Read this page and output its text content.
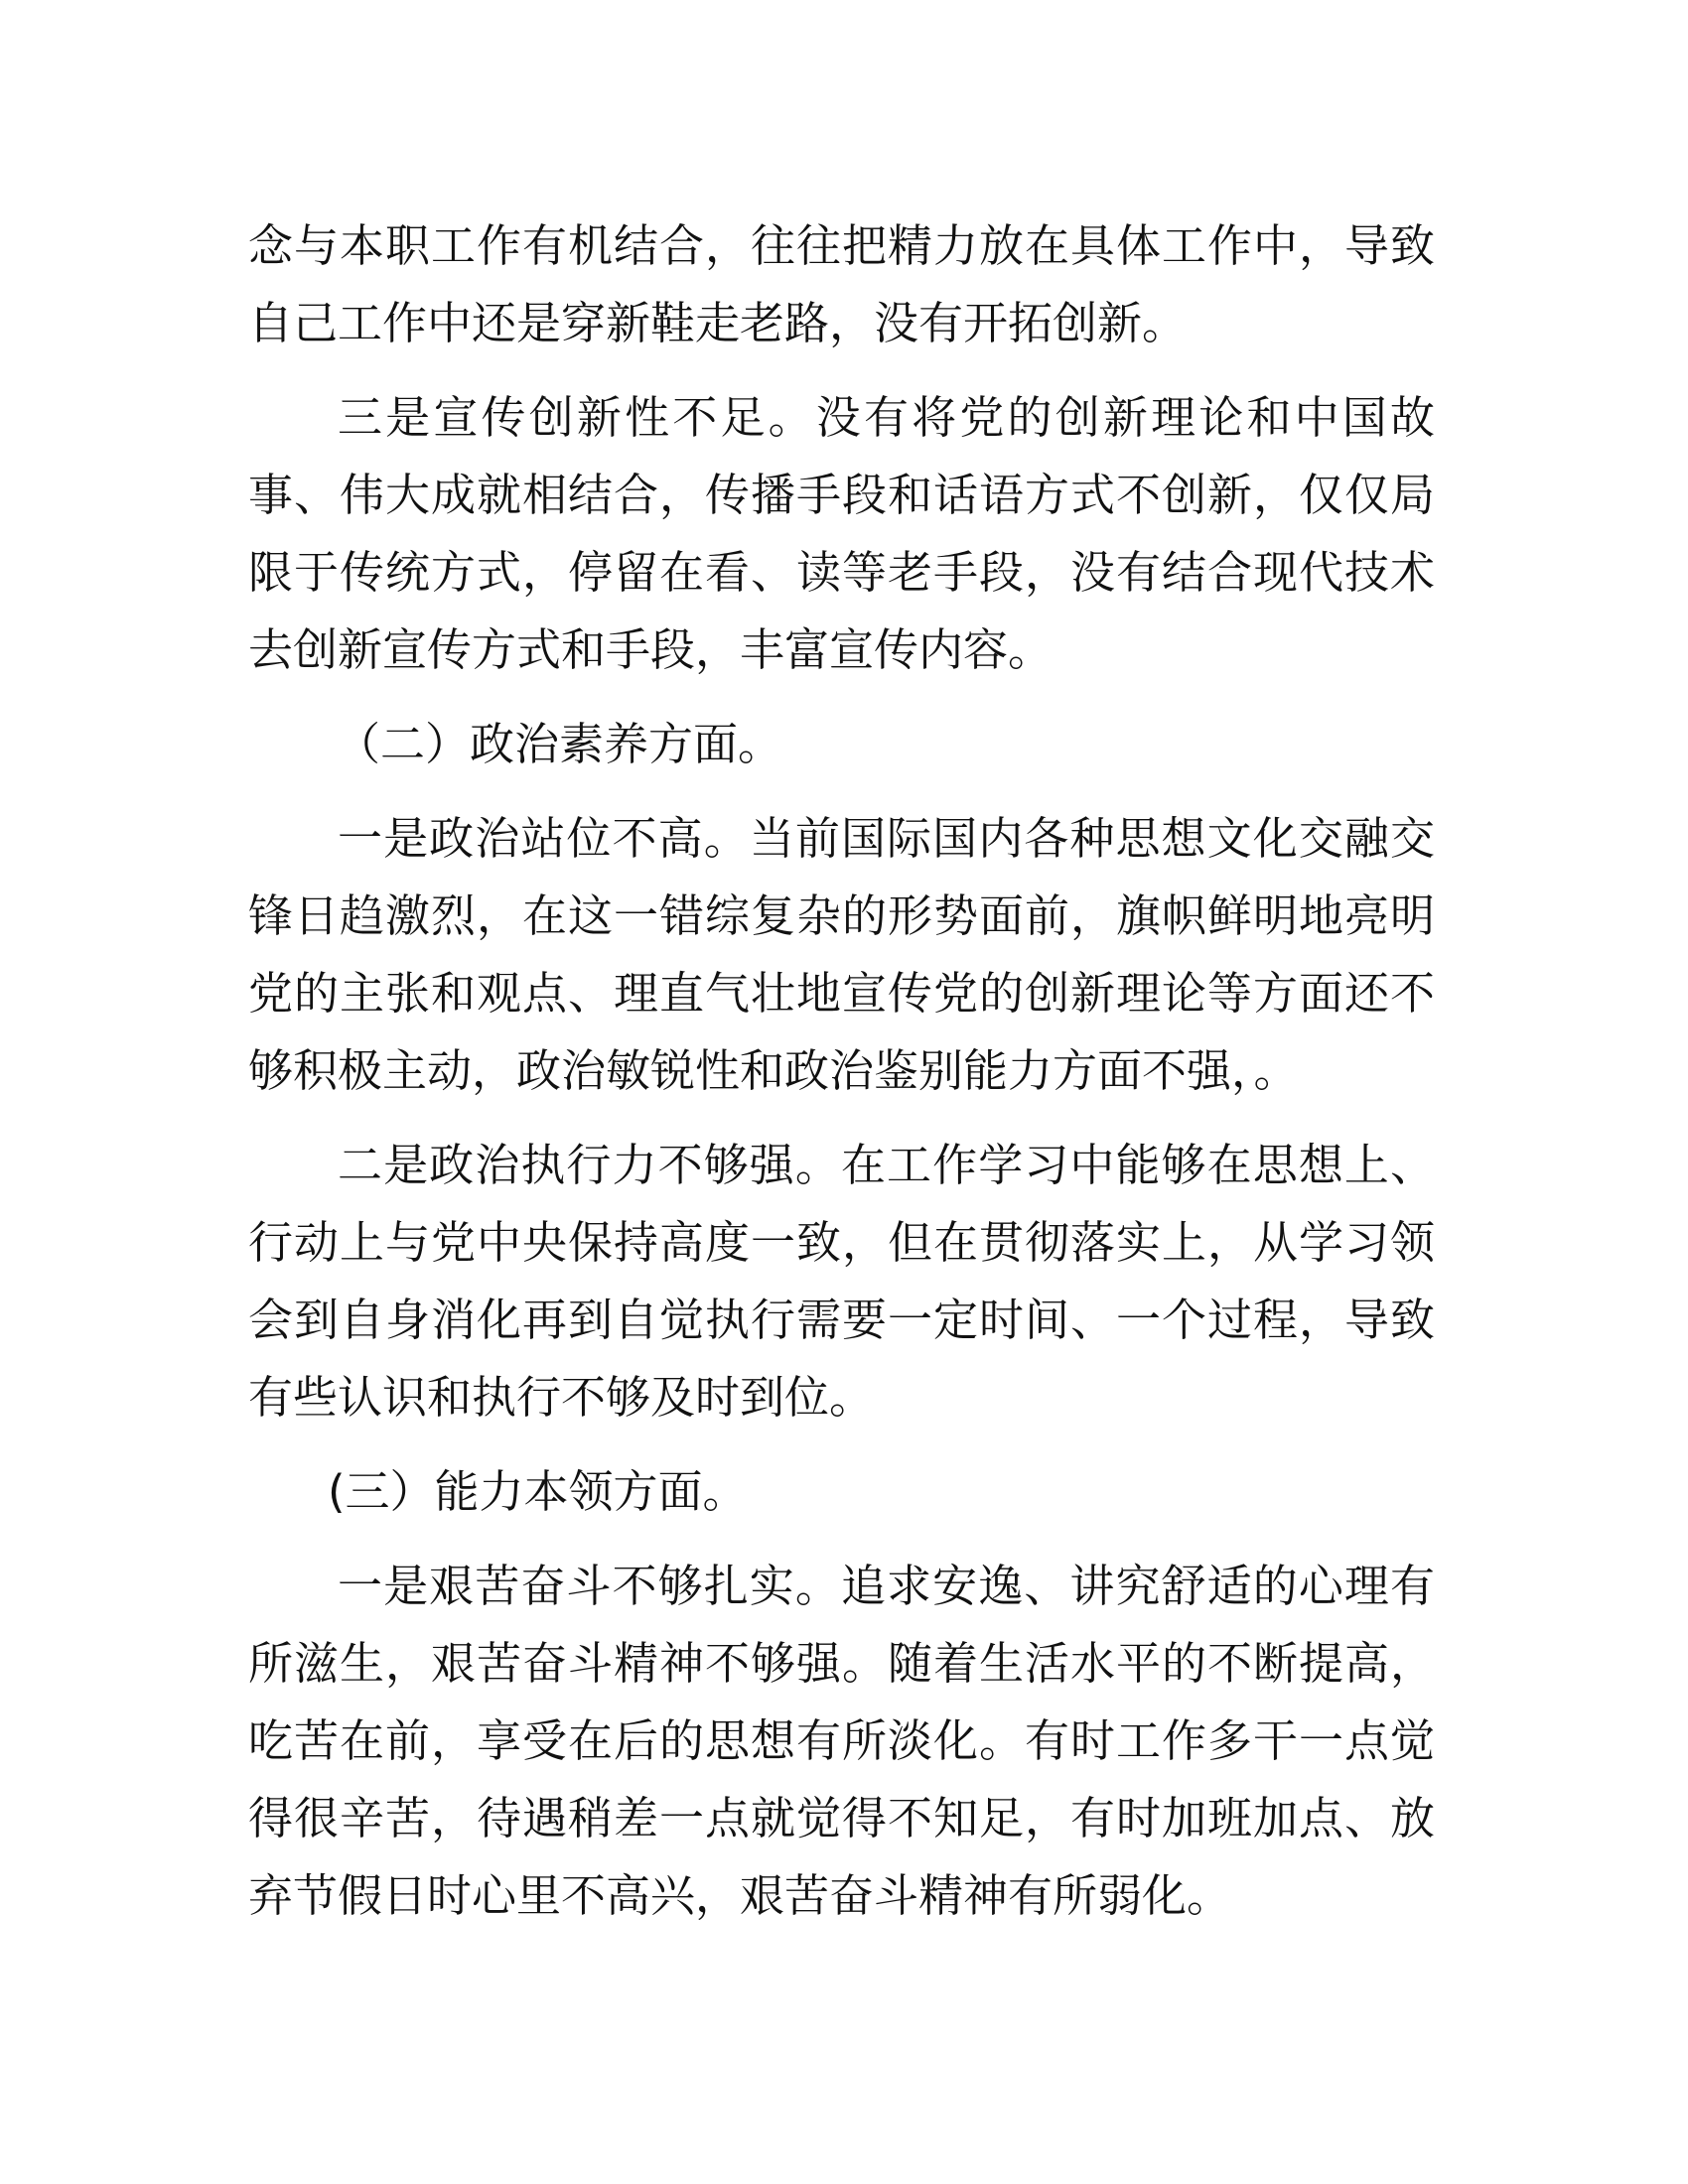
念与本职工作有机结合，往往把精力放在具体工作中，导致自己工作中还是穿新鞋走老路，没有开拓创新。

三是宣传创新性不足。没有将党的创新理论和中国故事、伟大成就相结合，传播手段和话语方式不创新，仅仅局限于传统方式，停留在看、读等老手段，没有结合现代技术去创新宣传方式和手段，丰富宣传内容。

（二）政治素养方面。

一是政治站位不高。当前国际国内各种思想文化交融交锋日趋激烈，在这一错综复杂的形势面前，旗帜鲜明地亮明党的主张和观点、理直气壮地宣传党的创新理论等方面还不够积极主动，政治敏锐性和政治鉴别能力方面不强，。

二是政治执行力不够强。在工作学习中能够在思想上、行动上与党中央保持高度一致，但在贯彻落实上，从学习领会到自身消化再到自觉执行需要一定时间、一个过程，导致有些认识和执行不够及时到位。

(三）能力本领方面。

一是艰苦奋斗不够扎实。追求安逸、讲究舒适的心理有所滋生，艰苦奋斗精神不够强。随着生活水平的不断提高，吃苦在前，享受在后的思想有所淡化。有时工作多干一点觉得很辛苦，待遇稍差一点就觉得不知足，有时加班加点、放弃节假日时心里不高兴，艰苦奋斗精神有所弱化。
